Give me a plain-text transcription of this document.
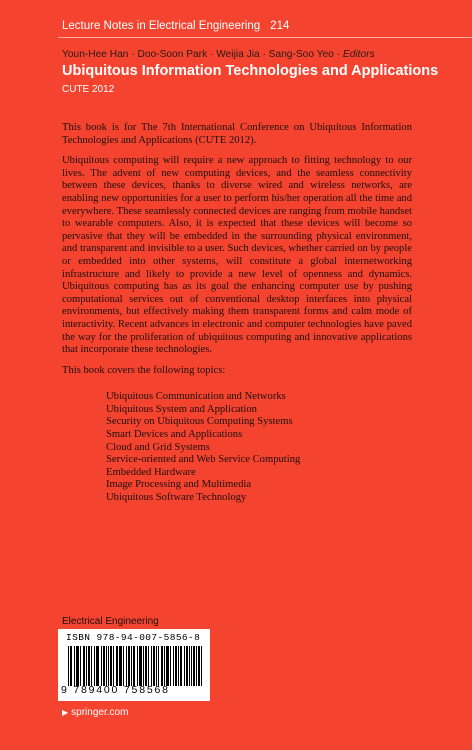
Lecture Notes in Electrical Engineering 214
Youn-Hee Han · Doo-Soon Park · Weijia Jia · Sang-Soo Yeo · Editors
Ubiquitous Information Technologies and Applications
CUTE 2012

This book is for The 7th International Conference on Ubiquitous Information Technologies and Applications (CUTE 2012).

Ubiquitous computing will require a new approach to fitting technology to our lives. The advent of new computing devices, and the seamless connectivity between these devices, thanks to diverse wired and wireless networks, are enabling new opportunities for a user to perform his/her operation all the time and everywhere. These seamlessly connected devices are ranging from mobile handset to wearable computers. Also, it is expected that these devices will become so pervasive that they will be embedded in the surrounding physical environment, and transparent and invisible to a user. Such devices, whether carried on by people or embedded into other systems, will constitute a global internetworking infrastructure and likely to provide a new level of openness and dynamics. Ubiquitous computing has as its goal the enhancing computer use by pushing computational services out of conventional desktop interfaces into physical environments, but effectively making them transparent forms and calm mode of interactivity. Recent advances in electronic and computer technologies have paved the way for the proliferation of ubiquitous computing and innovative applications that incorporate these technologies.

This book covers the following topics:

Ubiquitous Communication and Networks
Ubiquitous System and Application
Security on Ubiquitous Computing Systems
Smart Devices and Applications
Cloud and Grid Systems
Service-oriented and Web Service Computing
Embedded Hardware
Image Processing and Multimedia
Ubiquitous Software Technology
Electrical Engineering
ISBN 978-94-007-5856-8
9 789400 758568
▶ springer.com
